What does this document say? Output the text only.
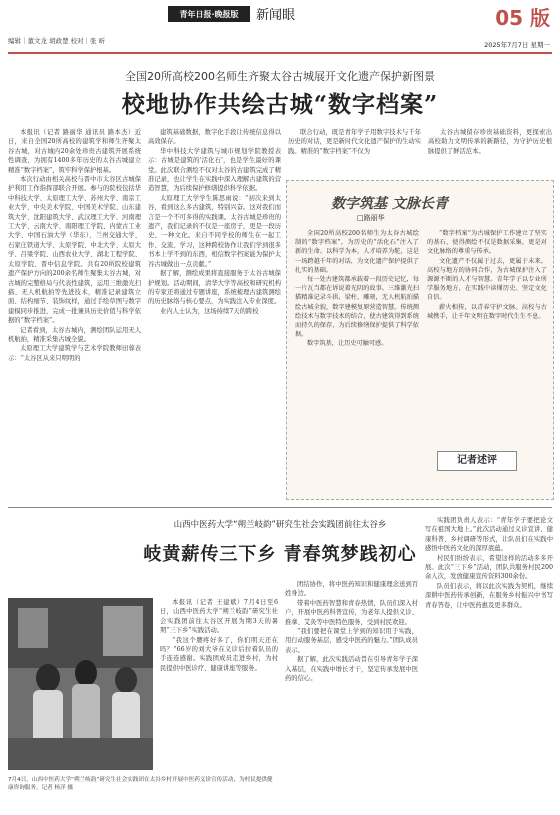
编辑｜董文龙 胡政楚 校对｜张 昕
青年日报·晚报版	新闻眼	05 版
2025年7月7日 星期一
全国20所高校200名师生齐聚太谷古城展开文化遗产保护新图景
校地协作共绘古城“数字档案”

本报讯（记者 路丽华 通讯员 路本杰）近日，来自全国20所高校的建筑学和师生齐聚太谷古城，对古城内20余处珍贵古建筑开展系统性调查，为拥有1400多年历史的太谷古城建立精准“数字档案”，筑牢科学保护根基。

本次行动由相关高校与晋中市太谷区古城保护利用工作指挥部联合开展。参与的院校包括华中科技大学、太原理工大学、苏州大学、南京工业大学、中央美术学院、中国美术学院、山东建筑大学、沈阳建筑大学、武汉理工大学、河南理工大学、云南大学、南阳理工学院、内蒙古工业大学、中国石油大学（华东）、兰州交通大学、石家庄铁道大学、太原学院、中北大学、太原大学、吕梁学院、山西农业大学、湖北工程学院、太原学院、晋中信息学院。共有20所院校建筑遗产保护方向的200余名师生聚集太谷古城，对古城的完整格局与代表性建筑，运用三维激光扫描、无人机航拍等先进技术，精准记录建筑立面、结构细节、装饰纹样，通过手绘草图与数字建模同步推进，完成一批兼具历史价值与科学依据的“数字档案”。

记者看到，太谷古城内，测绘团队运用无人机航拍，精准采集古城全貌。

太原理工大学建筑学与艺术学院教师田蓉表示：“太谷区从来只明明的

建筑基础数据，数字化手段让传统信息得以高效保存。

华中科技大学建筑与城市规划学院教授表示：古城是建筑的‘活化石’，也是学生最好的课堂。此次联合测绘不仅对太谷的古建筑完成了精准记录，也让学生在实践中深入理解古建筑的营造智慧，为后续保护修缮提供科学依据。

太原理工大学学生陈思雨说：“初次来到太谷，看到这么多古建筑，特别兴奋。这对我们而言是一个不可多得的实践课。太谷古城是珍贵的遗产，我们记录的不仅是一座房子，更是一段历史、一种文化。来自不同学校的师生在一起工作、交流、学习，这种跨校协作让我们学到很多书本上学不到的东西，相信数字档案能为保护太谷古城做出一点贡献。”

据了解，测绘成果将直接服务于太谷古城保护规划。活动期间，清华大学等高校和研究机构的专家还将通过专题讲座，系统梳理古建筑测绘的历史脉络与核心要点，为实践注入专业深度。

业内人士认为，这场持续7天的跨校

联合行动，既是青年学子用数字技术与千年历史的对话，更是新时代文化遗产保护的生动实践。精准的“数字档案”不仅为

太谷古城留存珍贵基础资料，更探索出高校助力文明传承的新路径，为守护历史根脉提供了鲜活范本。

数字筑基 文脉长青
□路丽华

全国20所高校200名师生为太谷古城绘制的“数字档案”，为历史的“活化石”注入了新的生命。以科学为本，人才培养为舵，这是一场跨越千年的对话，为文化遗产保护提供了扎实的基础。

每一处古建筑都承载着一段历史记忆，每一片瓦当都在诉说着光阴的故事。三维激光扫描精准记录斗拱、梁柱、雕刻，无人机航拍描绘古城全貌，数字建模复原营造智慧。传统测绘技术与数字技术的结合，使古建筑得到系统而持久的保存，为后续修缮保护提供了科学依据。

数字筑基，让历史可触可感。

“数字档案”为古城保护工作建立了坚实的基石，使得测绘不仅是数据采集，更是对文化脉络的尊重与传承。

文化遗产不仅属于过去，更属于未来。高校与地方的协同合作，为古城保护注入了源源不断的人才与智慧。青年学子以专业所学服务地方，在实践中读懂历史、坚定文化自信。

薪火相传，以青春守护文脉。高校与古城携手，让千年文明在数字时代生生不息。

记者述评
山西中医药大学“朔兰岐韵”研究生社会实践团前往太谷乡
岐黄薪传三下乡 青春筑梦践初心
7月4日，山西中医药大学“朔兰岐韵”研究生社会实践团在太谷乡村开展中医药义诊宣传活动，为村民提供健康咨询服务。记者 杨洋 摄

本报讯（记者 王建斌）7月4日至6日，山西中医药大学“朔兰岐韵”研究生社会实践团前往太谷区开展为期3天的暑期“三下乡”实践活动。

“我这个腰疼好多了，你们明天还在吗？”66岁的刘大爷在义诊后拉着队员的手连连感谢。实践团成员走进乡村，为村民提供中医诊疗、健康讲座等服务。

团结协作，将中医药知识和健康理念送到百姓身边。

带着中医药智慧和青春热情，队员们深入村户，开展中医药科普宣传，为老年人提供义诊、推拿、艾灸等中医特色服务，受到村民欢迎。

“我们要把在课堂上学到的知识用于实践，用行动服务基层，感受中医药的魅力。”团队成员表示。

据了解，此次实践活动旨在引导青年学子深入基层，在实践中增长才干，坚定传承发展中医药的信心。

实践团负责人表示：“青年学子要把论文写在祖国大地上。”此次活动通过义诊宣讲、健康科普、乡村调研等形式，让队员们在实践中感悟中医药文化的深厚底蕴。

村民们纷纷表示，希望这样的活动多多开展。此次“三下乡”活动，团队共服务村民200余人次，发放健康宣传资料300余份。

队员们表示，将以此次实践为契机，继续深耕中医药传承创新，在服务乡村振兴中书写青春答卷，让中医药惠及更多群众。
